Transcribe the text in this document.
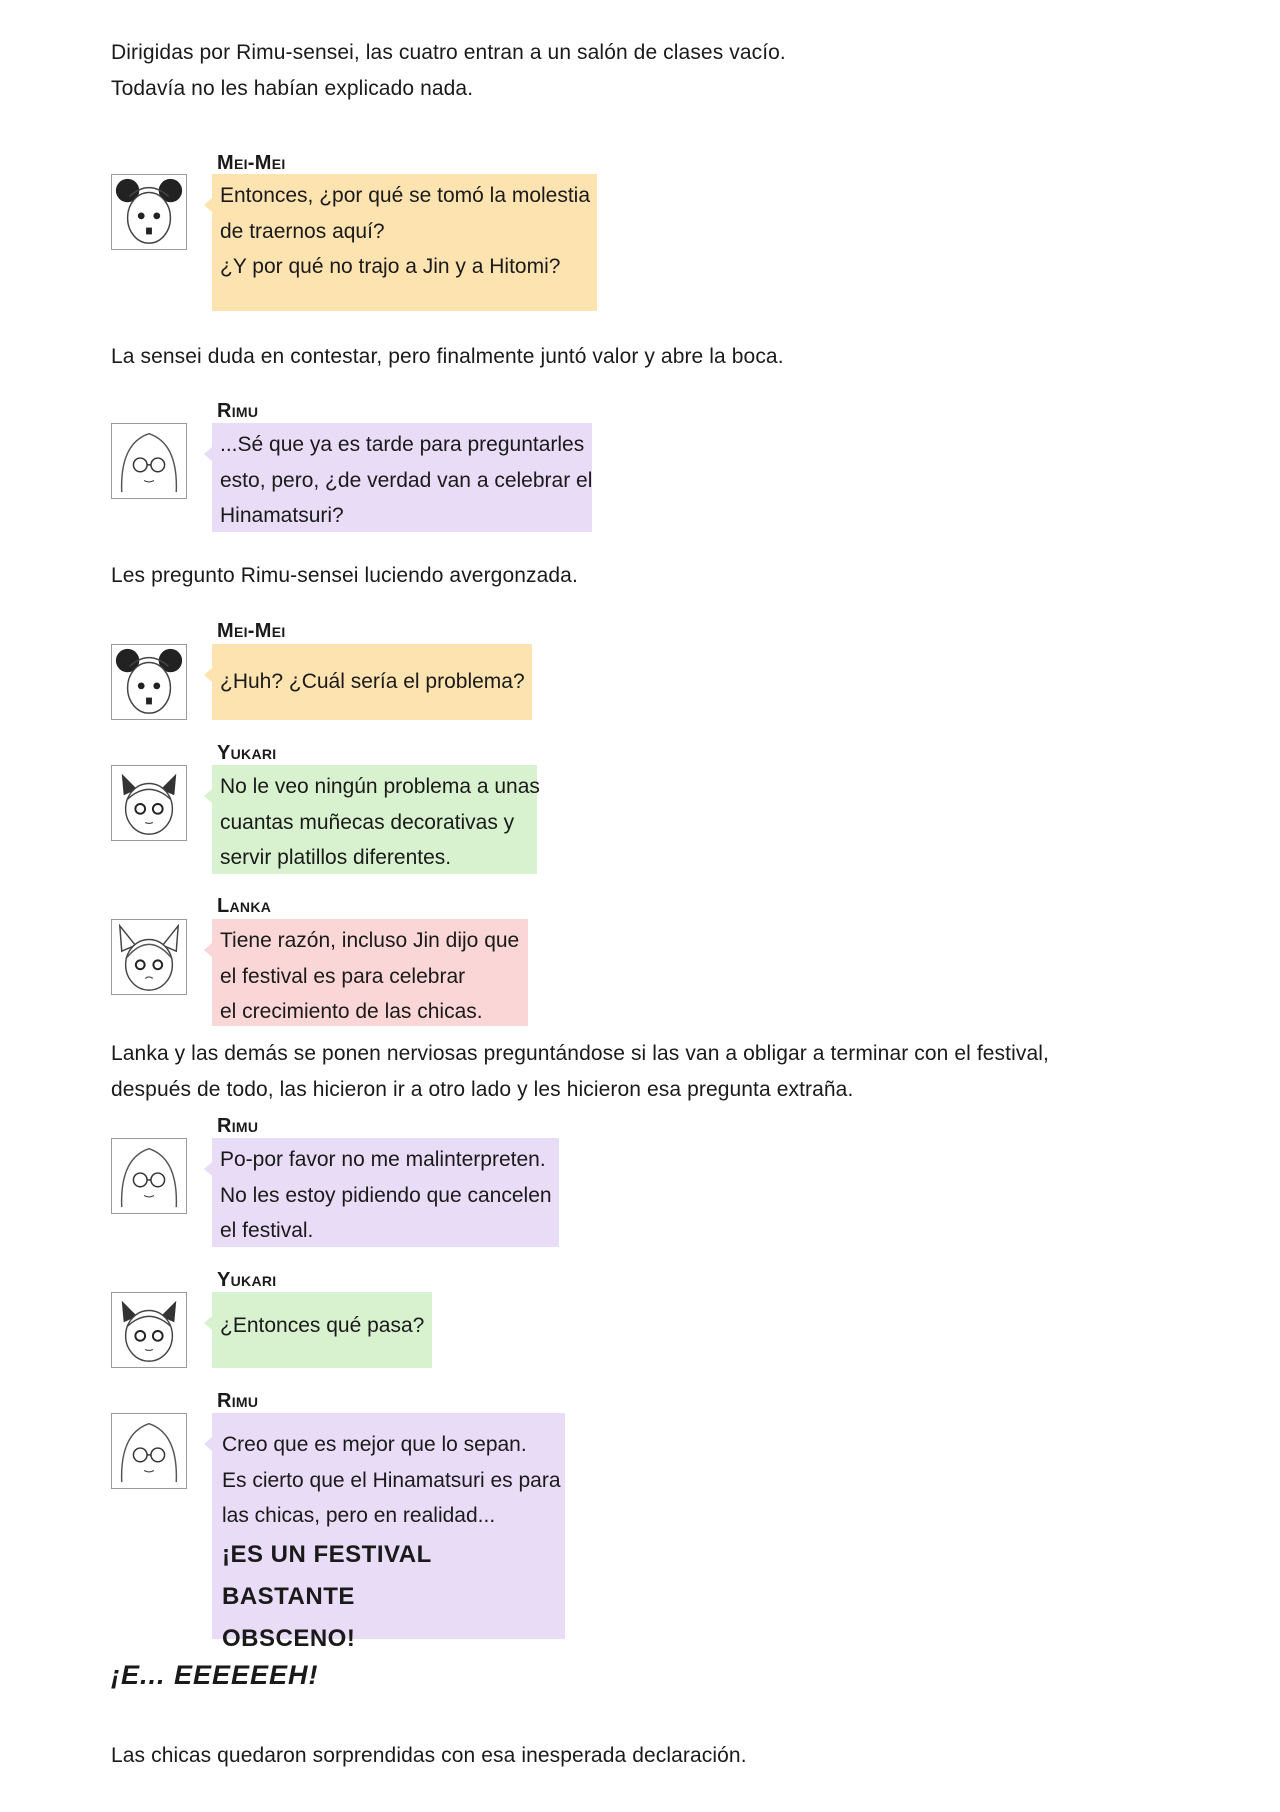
Dirigidas por Rimu-sensei, las cuatro entran a un salón de clases vacío.
Todavía no les habían explicado nada.
Mei-Mei
Entonces, ¿por qué se tomó la molestia
de traernos aquí?
¿Y por qué no trajo a Jin y a Hitomi?
La sensei duda en contestar, pero finalmente juntó valor y abre la boca.
Rimu
...Sé que ya es tarde para preguntarles
esto, pero, ¿de verdad van a celebrar el
Hinamatsuri?
Les pregunto Rimu-sensei luciendo avergonzada.
Mei-Mei
¿Huh? ¿Cuál sería el problema?
Yukari
No le veo ningún problema a unas
cuantas muñecas decorativas y
servir platillos diferentes.
Lanka
Tiene razón, incluso Jin dijo que
el festival es para celebrar
el crecimiento de las chicas.
Lanka y las demás se ponen nerviosas preguntándose si las van a obligar a terminar con el festival,
después de todo, las hicieron ir a otro lado y les hicieron esa pregunta extraña.
Rimu
Po-por favor no me malinterpreten.
No les estoy pidiendo que cancelen
el festival.
Yukari
¿Entonces qué pasa?
Rimu
Creo que es mejor que lo sepan.
Es cierto que el Hinamatsuri es para
las chicas, pero en realidad...
¡ES UN FESTIVAL BASTANTE
OBSCENO!
¡E... EEEEEEH!
Las chicas quedaron sorprendidas con esa inesperada declaración.
